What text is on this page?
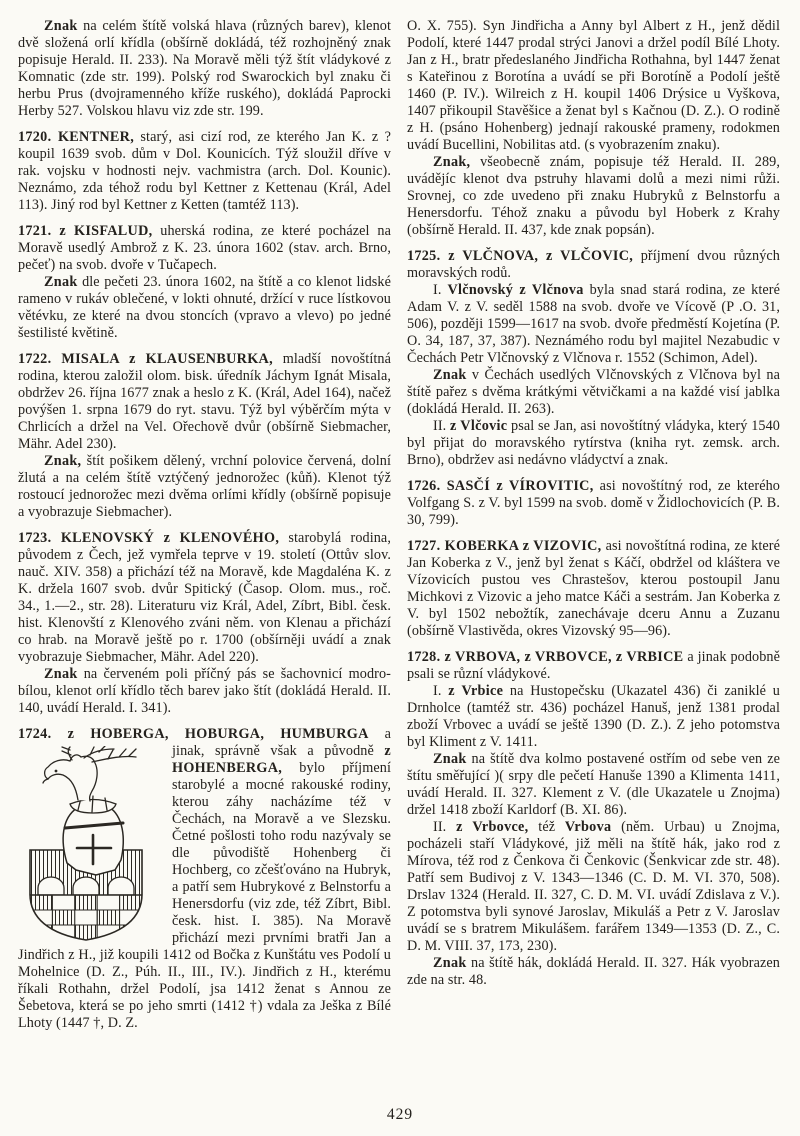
Znak na celém štítě volská hlava (různých barev), klenot dvě složená orlí křídla (obšírně dokládá, též rozhojněný znak popisuje Herald. II. 233). Na Moravě měli týž štít vládykové z Komnatic (zde str. 199). Polský rod Swarockich byl znaku či herbu Prus (dvojramenného kříže ruského), dokládá Paprocki Herby 527. Volskou hlavu viz zde str. 199.

1720. KENTNER, starý, asi cizí rod, ze kterého Jan K. z ? koupil 1639 svob. dům v Dol. Kounicích. Týž sloužil dříve v rak. vojsku v hodnosti nejv. vachmistra (arch. Dol. Kounic). Neznámo, zda téhož rodu byl Kettner z Kettenau (Král, Adel 113). Jiný rod byl Kettner z Ketten (tamtéž 113).

1721. z KISFALUD, uherská rodina, ze které pocházel na Moravě usedlý Ambrož z K. 23. února 1602 (stav. arch. Brno, pečeť) na svob. dvoře v Tučapech.

Znak dle pečeti 23. února 1602, na štítě a co klenot lidské rameno v rukáv oblečené, v lokti ohnuté, držící v ruce lístkovou větévku, ze které na dvou stoncích (vpravo a vlevo) po jedné šestilisté květině.

1722. MISALA z KLAUSENBURKA, mladší novoštítná rodina, kterou založil olom. bisk. úředník Jáchym Ignát Misala, obdržev 26. října 1677 znak a heslo z K. (Král, Adel 164), načež povýšen 1. srpna 1679 do ryt. stavu. Týž byl výběrčím mýta v Chrlicích a držel na Vel. Ořechově dvůr (obšírně Siebmacher, Mähr. Adel 230).

Znak, štít pošikem dělený, vrchní polovice červená, dolní žlutá a na celém štítě vztýčený jednorožec (kůň). Klenot týž rostoucí jednorožec mezi dvěma orlími křídly (obšírně popisuje a vyobrazuje Siebmacher).

1723. KLENOVSKÝ z KLENOVÉHO, starobylá rodina, původem z Čech, jež vymřela teprve v 19. století (Ottův slov. nauč. XIV. 358) a přichází též na Moravě, kde Magdaléna K. z K. držela 1607 svob. dvůr Spitický (Časop. Olom. mus., roč. 34., 1.—2., str. 28). Literaturu viz Král, Adel, Zíbrt, Bibl. česk. hist. Klenovští z Klenového zváni něm. von Klenau a přichází co hrab. na Moravě ještě po r. 1700 (obšírněji uvádí a znak vyobrazuje Siebmacher, Mähr. Adel 220).

Znak na červeném poli příčný pás se šachovnicí modro-bílou, klenot orlí křídlo těch barev jako štít (dokládá Herald. II. 140, uvádí Herald. I. 341).

1724. z HOBERGA, HOBURGA, HUMBURGA a

jinak, správně však a původně z HOHENBERGA, bylo příjmení starobylé a mocné rakouské rodiny, kterou záhy nacházíme též v Čechách, na Moravě a ve Slezsku. Četné pošlosti toho rodu nazývaly se dle původiště Hohenberg či Hochberg, co zčešťováno na Hubryk, a patří sem Hubrykové z Belnstorfu a Henersdorfu (viz zde, též Zíbrt, Bibl. česk. hist. I. 385). Na Moravě přichází mezi prvními bratři Jan a Jindřich z H., již koupili 1412 od Bočka z Kunštátu ves Podolí u Mohelnice (D. Z., Púh. II., III., IV.). Jindřich z H., kterému říkali Rothahn, držel Podolí, jsa 1412 ženat s Annou ze Šebetova, která se po jeho smrti (1412 †) vdala za Ješka z Bílé Lhoty (1447 †, D. Z.

O. X. 755). Syn Jindřicha a Anny byl Albert z H., jenž dědil Podolí, které 1447 prodal strýci Janovi a držel podíl Bílé Lhoty. Jan z H., bratr předeslaného Jindřicha Rothahna, byl 1447 ženat s Kateřinou z Borotína a uvádí se při Borotíně a Podolí ještě 1460 (P. IV.). Wilreich z H. koupil 1406 Drýsice u Vyškova, 1407 přikoupil Stavěšice a ženat byl s Kačnou (D. Z.). O rodině z H. (psáno Hohenberg) jednají rakouské prameny, rodokmen uvádí Bucellini, Nobilitas atd. (s vyobrazením znaku).

Znak, všeobecně znám, popisuje též Herald. II. 289, uvádějíc klenot dva pstruhy hlavami dolů a mezi nimi růži. Srovnej, co zde uvedeno při znaku Hubryků z Belnstorfu a Henersdorfu. Téhož znaku a původu byl Hoberk z Krahy (obšírně Herald. II. 437, kde znak popsán).

1725. z VLČNOVA, z VLČOVIC, příjmení dvou různých moravských rodů.

I. Vlčnovský z Vlčnova byla snad stará rodina, ze které Adam V. z V. seděl 1588 na svob. dvoře ve Vícově (P .O. 31, 506), později 1599—1617 na svob. dvoře předměstí Kojetína (P. O. 34, 187, 37, 387). Neznámého rodu byl majitel Nezabudic v Čechách Petr Vlčnovský z Vlčnova r. 1552 (Schimon, Adel).

Znak v Čechách usedlých Vlčnovských z Vlčnova byl na štítě pařez s dvěma krátkými větvičkami a na každé visí jablka (dokládá Herald. II. 263).

II. z Vlčovic psal se Jan, asi novoštítný vládyka, který 1540 byl přijat do moravského rytírstva (kniha ryt. zemsk. arch. Brno), obdržev asi nedávno vládyctví a znak.

1726. SASČÍ z VÍROVITIC, asi novoštítný rod, ze kterého Volfgang S. z V. byl 1599 na svob. domě v Židlochovicích (P. B. 30, 799).

1727. KOBERKA z VIZOVIC, asi novoštítná rodina, ze které Jan Koberka z V., jenž byl ženat s Káčí, obdržel od kláštera ve Vízovicích pustou ves Chrastešov, kterou postoupil Janu Michkovi z Vizovic a jeho matce Káči a sestrám. Jan Koberka z V. byl 1502 nebožtík, zanechávaje dceru Annu a Zuzanu (obšírně Vlastivěda, okres Vizovský 95—96).

1728. z VRBOVA, z VRBOVCE, z VRBICE a jinak podobně psali se různí vládykové.

I. z Vrbice na Hustopečsku (Ukazatel 436) či zaniklé u Drnholce (tamtéž str. 436) pocházel Hanuš, jenž 1381 prodal zboží Vrbovec a uvádí se ještě 1390 (D. Z.). Z jeho potomstva byl Kliment z V. 1411.

Znak na štítě dva kolmo postavené ostřím od sebe ven ze štítu směřující )( srpy dle pečetí Hanuše 1390 a Klimenta 1411, uvádí Herald. II. 327. Klement z V. (dle Ukazatele u Znojma) držel 1418 zboží Karldorf (B. XI. 86).

II. z Vrbovce, též Vrbova (něm. Urbau) u Znojma, pocházeli staří Vládykové, již měli na štítě hák, jako rod z Mírova, též rod z Čenkova či Čenkovic (Šenkvicar zde str. 48). Patří sem Budivoj z V. 1343—1346 (C. D. M. VI. 370, 508). Drslav 1324 (Herald. II. 327, C. D. M. VI. uvádí Zdislava z V.). Z potomstva byli synové Jaroslav, Mikuláš a Petr z V. Jaroslav uvádí se s bratrem Mikulášem. farářem 1349—1353 (D. Z., C. D. M. VIII. 37, 173, 230).

Znak na štítě hák, dokládá Herald. II. 327. Hák vyobrazen zde na str. 48.

429
